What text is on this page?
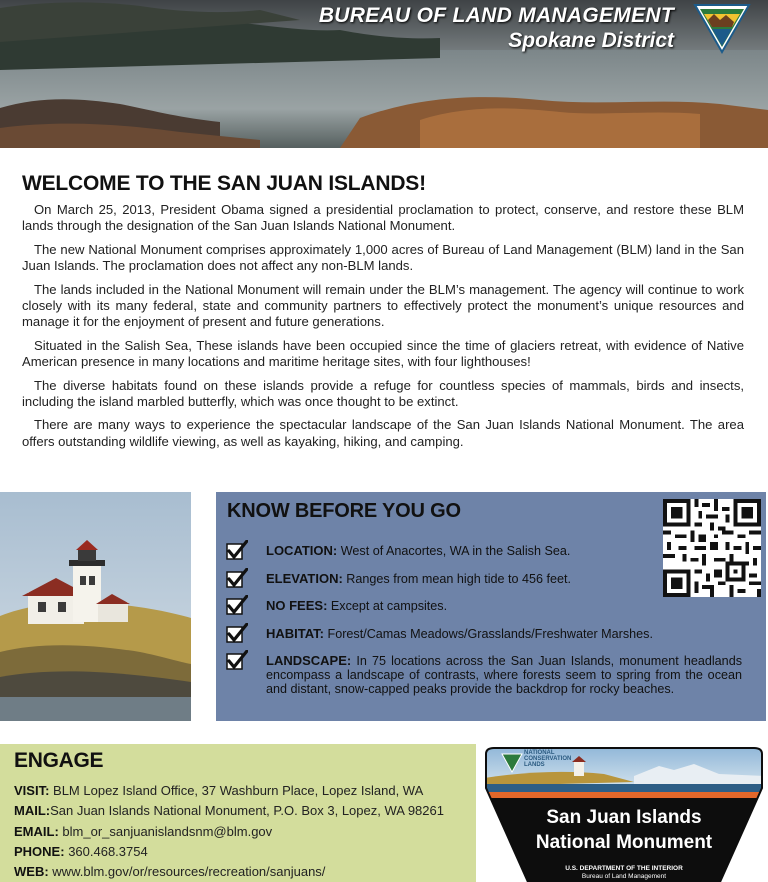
BUREAU OF LAND MANAGEMENT
Spokane District
WELCOME TO THE SAN JUAN ISLANDS!

On March 25, 2013, President Obama signed a presidential proclamation to protect, conserve, and restore these BLM lands through the designation of the San Juan Islands National Monument.

The new National Monument comprises approximately 1,000 acres of Bureau of Land Management (BLM) land in the San Juan Islands. The proclamation does not affect any non-BLM lands.

The lands included in the National Monument will remain under the BLM’s management. The agency will continue to work closely with its many federal, state and community partners to effectively protect the monument’s unique resources and manage it for the enjoyment of present and future generations.

Situated in the Salish Sea, These islands have been occupied since the time of glaciers retreat, with evidence of Native American presence in many locations and maritime heritage sites, with four lighthouses!

The diverse habitats found on these islands provide a refuge for countless species of mammals, birds and insects, including the island marbled butterfly, which was once thought to be extinct.

There are many ways to experience the spectacular landscape of the San Juan Islands National Monument. The area offers outstanding wildlife viewing, as well as kayaking, hiking, and camping.

KNOW BEFORE YOU GO
LOCATION: West of Anacortes, WA in the Salish Sea.
ELEVATION: Ranges from mean high tide to 456 feet.
NO FEES: Except at campsites.
HABITAT: Forest/Camas Meadows/Grasslands/Freshwater Marshes.
LANDSCAPE: In 75 locations across the San Juan Islands, monument headlands encompass a landscape of contrasts, where forests seem to spring from the ocean and distant, snow-capped peaks provide the backdrop for rocky beaches.
ENGAGE
VISIT: BLM Lopez Island Office, 37 Washburn Place, Lopez Island, WA
MAIL:San Juan Islands National Monument, P.O. Box 3, Lopez, WA 98261
EMAIL: blm_or_sanjuanislandsnm@blm.gov
PHONE: 360.468.3754
WEB: www.blm.gov/or/resources/recreation/sanjuans/
NATIONAL CONSERVATION LANDS
San Juan Islands
National Monument
U.S. DEPARTMENT OF THE INTERIOR
Bureau of Land Management
